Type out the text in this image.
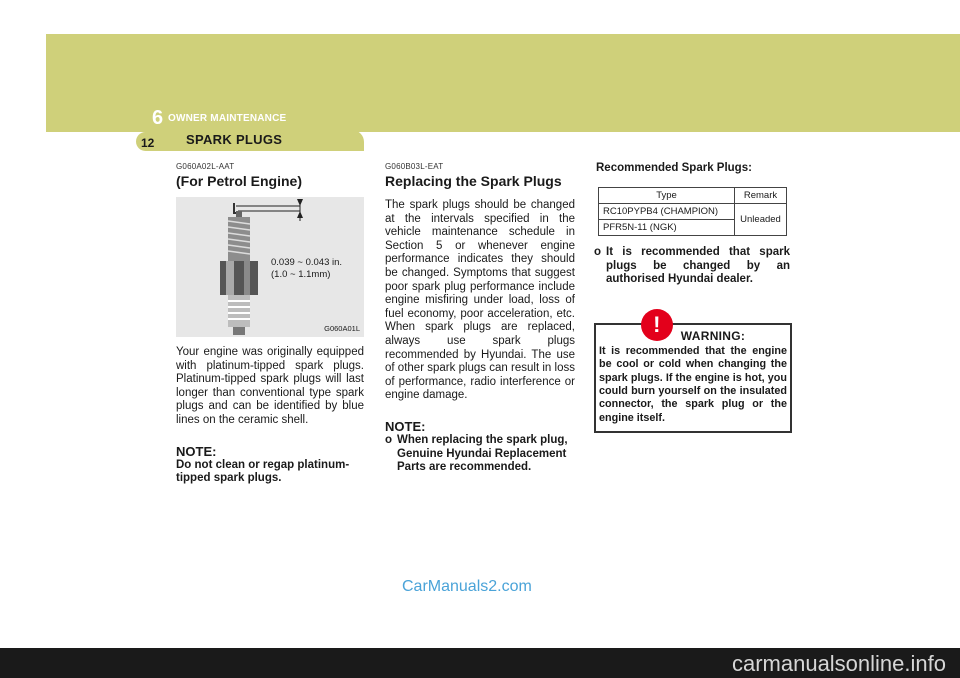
6 OWNER MAINTENANCE
12 SPARK PLUGS
G060A02L-AAT
(For Petrol Engine)
0.039 ~ 0.043 in.
(1.0 ~ 1.1mm)
G060A01L
Your engine was originally equipped with platinum-tipped spark plugs. Platinum-tipped spark plugs will last longer than conventional type spark plugs and can be identified by blue lines on the ceramic shell.
NOTE:
Do not clean or regap platinum-tipped spark plugs.
G060B03L-EAT
Replacing the Spark Plugs
The spark plugs should be changed at the intervals specified in the vehicle maintenance schedule in Section 5 or whenever engine performance indicates they should be changed. Symptoms that suggest poor spark plug performance include engine misfiring under load, loss of fuel economy, poor acceleration, etc. When spark plugs are replaced, always use spark plugs recommended by Hyundai. The use of other spark plugs can result in loss of performance, radio interference or engine damage.
NOTE:
o When replacing the spark plug, Genuine Hyundai Replacement Parts are recommended.
Recommended Spark Plugs:
Type	Remark
RC10PYPB4 (CHAMPION)	Unleaded
PFR5N-11 (NGK)	
o It is recommended that spark plugs be changed by an authorised Hyundai dealer.
!	WARNING:
It is recommended that the engine be cool or cold when changing the spark plugs. If the engine is hot, you could burn yourself on the insulated connector, the spark plug or the engine itself.
CarManuals2.com
carmanualsonline.info
